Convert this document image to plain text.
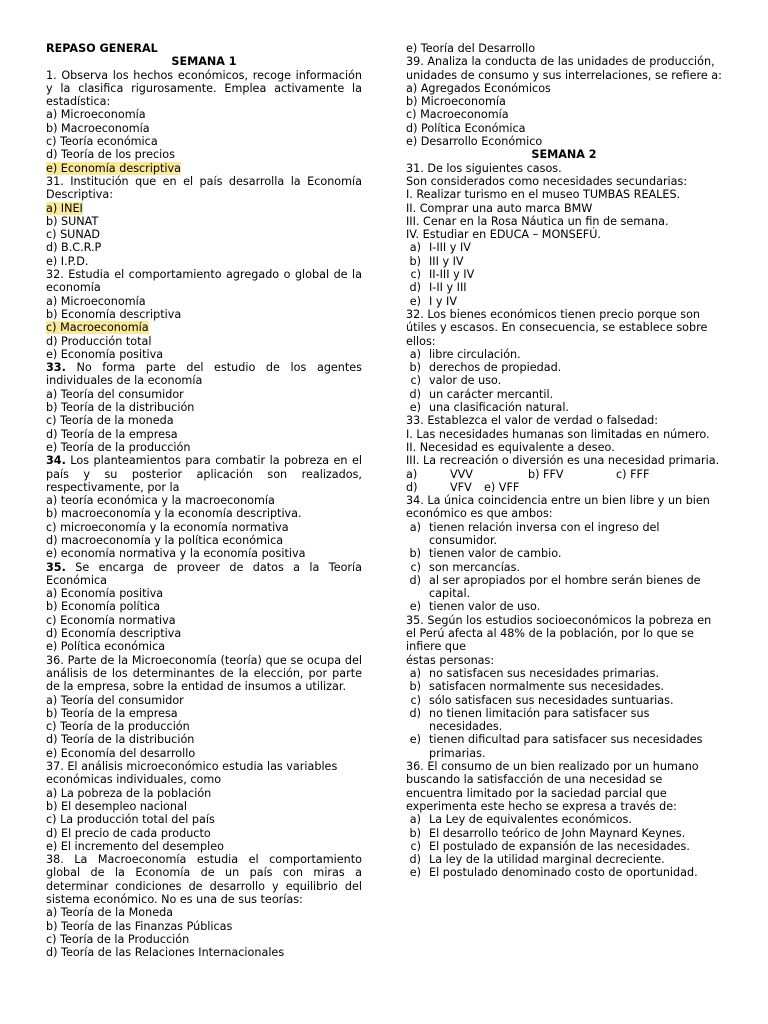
REPASO GENERAL

SEMANA 1

1. Observa los hechos económicos, recoge información y la clasifica rigurosamente. Emplea activamente la estadística:

a) Microeconomía

b) Macroeconomía

c) Teoría económica

d) Teoría de los precios

e) Economía descriptiva

31. Institución que en el país desarrolla la Economía Descriptiva:

a) INEI

b) SUNAT

c) SUNAD

d) B.C.R.P

e) I.P.D.

32. Estudia el comportamiento agregado o global de la economía

a) Microeconomía

b) Economía descriptiva

c) Macroeconomía

d) Producción total

e) Economía positiva

33. No forma parte del estudio de los agentes individuales de la economía

a) Teoría del consumidor

b) Teoría de la distribución

c) Teoría de la moneda

d) Teoría de la empresa

e) Teoría de la producción

34. Los planteamientos para combatir la pobreza en el país y su posterior aplicación son realizados, respectivamente, por la

a) teoría económica y la macroeconomía

b) macroeconomía y la economía descriptiva.

c) microeconomía y la economía normativa

d) macroeconomía y la política económica

e) economía normativa y la economía positiva

35. Se encarga de proveer de datos a la Teoría Económica

a) Economía positiva

b) Economía política

c) Economía normativa

d) Economía descriptiva

e) Política económica

36. Parte de la Microeconomía (teoría) que se ocupa del análisis de los determinantes de la elección, por parte de la empresa, sobre la entidad de insumos a utilizar.

a) Teoría del consumidor

b) Teoría de la empresa

c) Teoría de la producción

d) Teoría de la distribución

e) Economía del desarrollo

37. El análisis microeconómico estudia las variables económicas individuales, como

a) La pobreza de la población

b) El desempleo nacional

c) La producción total del país

d) El precio de cada producto

e) El incremento del desempleo

38. La Macroeconomía estudia el comportamiento global de la Economía de un país con miras a determinar condiciones de desarrollo y equilibrio del sistema económico. No es una de sus teorías:

a) Teoría de la Moneda

b) Teoría de las Finanzas Públicas

c) Teoría de la Producción

d) Teoría de las Relaciones Internacionales

e) Teoría del Desarrollo

39. Analiza la conducta de las unidades de producción, unidades de consumo y sus interrelaciones, se refiere a:

a) Agregados Económicos

b) Microeconomía

c) Macroeconomía

d) Política Económica

e) Desarrollo Económico

SEMANA 2

31. De los siguientes casos.

Son considerados como necesidades secundarias:

I. Realizar turismo en el museo TUMBAS REALES.

II. Comprar una auto marca BMW

III. Cenar en la Rosa Náutica un fin de semana.

IV. Estudiar en EDUCA – MONSEFÚ.

a) I-III y IV
b) III y IV
c) II-III y IV
d) I-II y III
e) I y IV

32. Los bienes económicos tienen precio porque son útiles y escasos. En consecuencia, se establece sobre ellos:

a) libre circulación.
b) derechos de propiedad.
c) valor de uso.
d) un carácter mercantil.
e) una clasificación natural.

33. Establezca el valor de verdad o falsedad:

I. Las necesidades humanas son limitadas en número.

II. Necesidad es equivalente a deseo.

III. La recreación o diversión es una necesidad primaria.

a)	VVV	b) FFV	c) FFF
d)	VFV	e) VFF

34. La única coincidencia entre un bien libre y un bien económico es que ambos:

a) tienen relación inversa con el ingreso del consumidor.
b) tienen valor de cambio.
c) son mercancías.
d) al ser apropiados por el hombre serán bienes de capital.
e) tienen valor de uso.

35. Según los estudios socioeconómicos la pobreza en el Perú afecta al 48% de la población, por lo que se infiere que

éstas personas:

a) no satisfacen sus necesidades primarias.
b) satisfacen normalmente sus necesidades.
c) sólo satisfacen sus necesidades suntuarias.
d) no tienen limitación para satisfacer sus necesidades.
e) tienen dificultad para satisfacer sus necesidades primarias.

36. El consumo de un bien realizado por un humano buscando la satisfacción de una necesidad se encuentra limitado por la saciedad parcial que experimenta este hecho se expresa a través de:

a) La Ley de equivalentes económicos.
b) El desarrollo teórico de John Maynard Keynes.
c) El postulado de expansión de las necesidades.
d) La ley de la utilidad marginal decreciente.
e) El postulado denominado costo de oportunidad.
